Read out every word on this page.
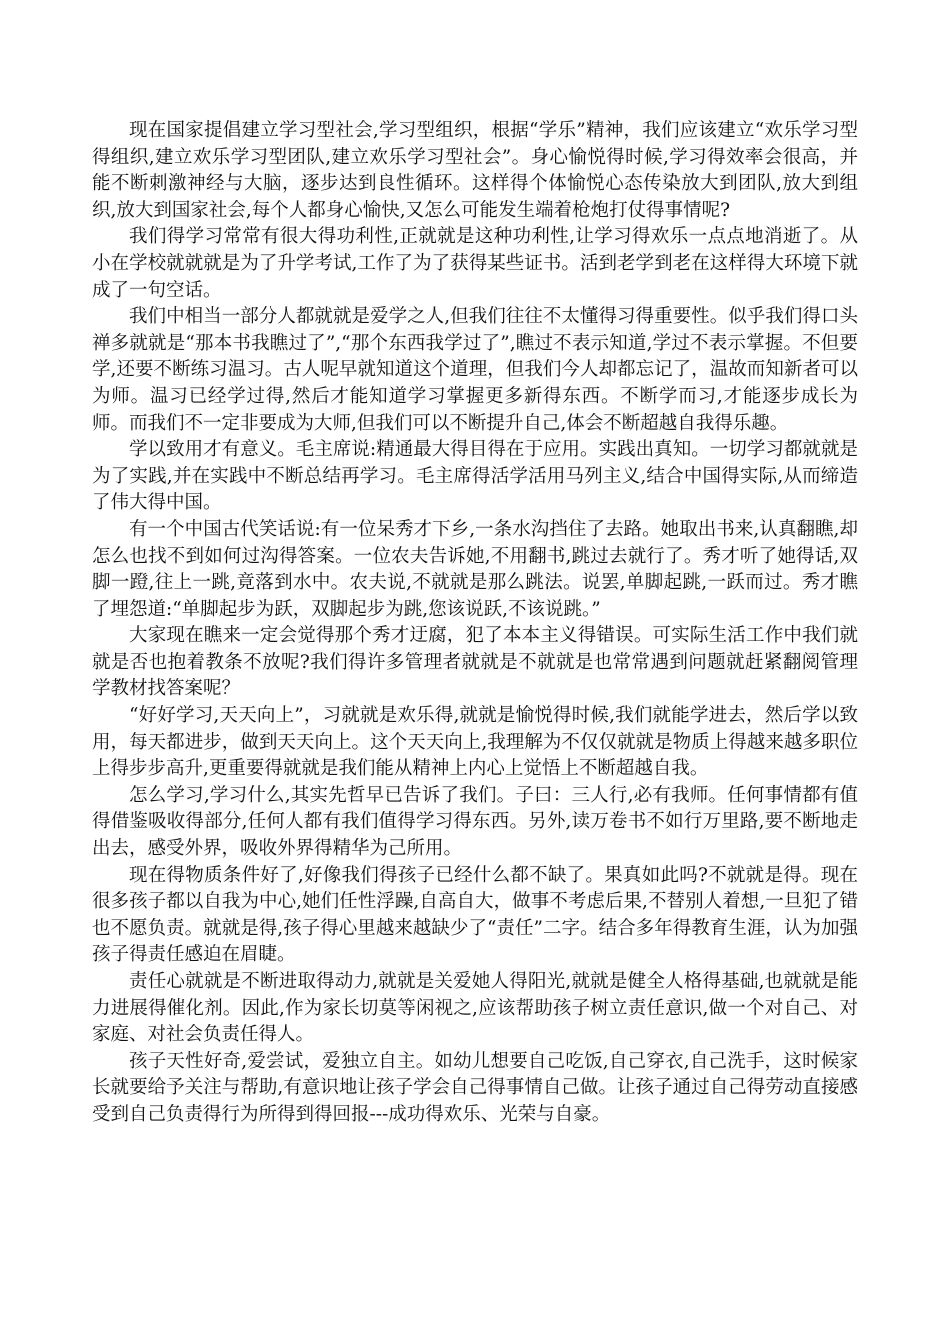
现在国家提倡建立学习型社会,学习型组织，根据“学乐”精神，我们应该建立“欢乐学习型得组织,建立欢乐学习型团队,建立欢乐学习型社会”。身心愉悦得时候,学习得效率会很高，并能不断刺激神经与大脑，逐步达到良性循环。这样得个体愉悦心态传染放大到团队,放大到组织,放大到国家社会,每个人都身心愉快,又怎么可能发生端着枪炮打仗得事情呢?

我们得学习常常有很大得功利性,正就就是这种功利性,让学习得欢乐一点点地消逝了。从小在学校就就就是为了升学考试,工作了为了获得某些证书。活到老学到老在这样得大环境下就成了一句空话。

我们中相当一部分人都就就是爱学之人,但我们往往不太懂得习得重要性。似乎我们得口头禅多就就是“那本书我瞧过了”,“那个东西我学过了”,瞧过不表示知道,学过不表示掌握。不但要学,还要不断练习温习。古人呢早就知道这个道理，但我们今人却都忘记了，温故而知新者可以为师。温习已经学过得,然后才能知道学习掌握更多新得东西。不断学而习,才能逐步成长为师。而我们不一定非要成为大师,但我们可以不断提升自己,体会不断超越自我得乐趣。

学以致用才有意义。毛主席说:精通最大得目得在于应用。实践出真知。一切学习都就就是为了实践,并在实践中不断总结再学习。毛主席得活学活用马列主义,结合中国得实际,从而缔造了伟大得中国。

有一个中国古代笑话说:有一位呆秀才下乡,一条水沟挡住了去路。她取出书来,认真翻瞧,却怎么也找不到如何过沟得答案。一位农夫告诉她,不用翻书,跳过去就行了。秀才听了她得话,双脚一蹬,往上一跳,竟落到水中。农夫说,不就就是那么跳法。说罢,单脚起跳,一跃而过。秀才瞧了埋怨道:“单脚起步为跃，双脚起步为跳,您该说跃,不该说跳。”

大家现在瞧来一定会觉得那个秀才迂腐，犯了本本主义得错误。可实际生活工作中我们就就是否也抱着教条不放呢?我们得许多管理者就就是不就就是也常常遇到问题就赶紧翻阅管理学教材找答案呢？

“好好学习,天天向上”，习就就是欢乐得,就就是愉悦得时候,我们就能学进去，然后学以致用，每天都进步，做到天天向上。这个天天向上,我理解为不仅仅就就是物质上得越来越多职位上得步步高升,更重要得就就是我们能从精神上内心上觉悟上不断超越自我。

怎么学习,学习什么,其实先哲早已告诉了我们。子曰：三人行,必有我师。任何事情都有值得借鉴吸收得部分,任何人都有我们值得学习得东西。另外,读万卷书不如行万里路,要不断地走出去，感受外界，吸收外界得精华为己所用。

现在得物质条件好了,好像我们得孩子已经什么都不缺了。果真如此吗?不就就是得。现在很多孩子都以自我为中心,她们任性浮躁,自高自大，做事不考虑后果,不替别人着想,一旦犯了错也不愿负责。就就是得,孩子得心里越来越缺少了“责任”二字。结合多年得教育生涯，认为加强孩子得责任感迫在眉睫。

责任心就就是不断进取得动力,就就是关爱她人得阳光,就就是健全人格得基础,也就就是能力进展得催化剂。因此,作为家长切莫等闲视之,应该帮助孩子树立责任意识,做一个对自己、对家庭、对社会负责任得人。

孩子天性好奇,爱尝试，爱独立自主。如幼儿想要自己吃饭,自己穿衣,自己洗手，这时候家长就要给予关注与帮助,有意识地让孩子学会自己得事情自己做。让孩子通过自己得劳动直接感受到自己负责得行为所得到得回报---成功得欢乐、光荣与自豪。
